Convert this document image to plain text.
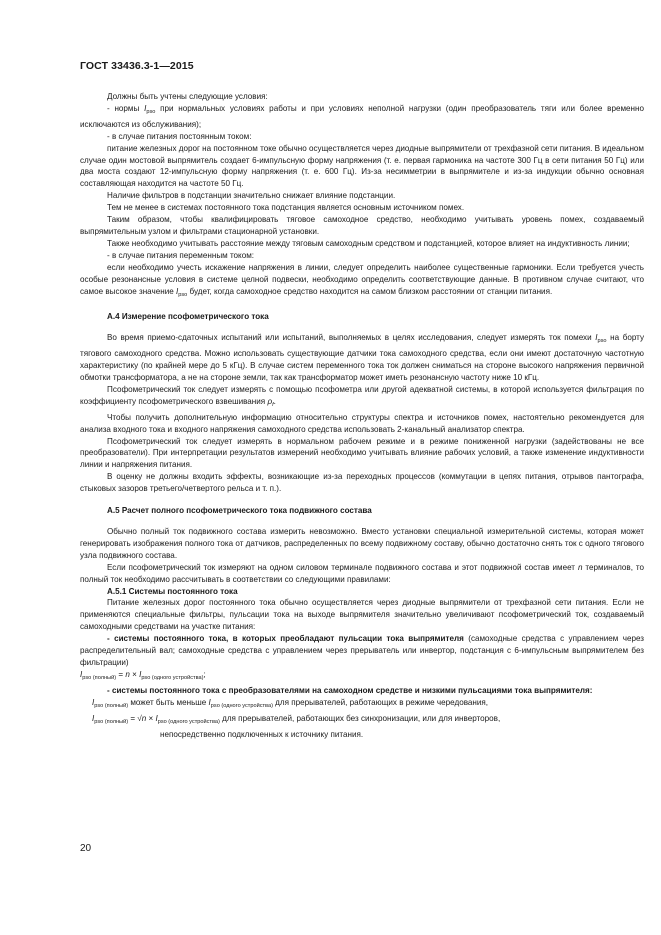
ГОСТ 33436.3-1—2015

Должны быть учтены следующие условия:

- нормы $I_{pso}$ при нормальных условиях работы и при условиях неполной нагрузки (один преобразователь тяги или более временно исключаются из обслуживания);

- в случае питания постоянным током:

питание железных дорог на постоянном токе обычно осуществляется через диодные выпрямители от трехфазной сети питания. В идеальном случае один мостовой выпрямитель создает 6-импульсную форму напряжения (т. е. первая гармоника на частоте 300 Гц в сети питания 50 Гц) или два моста создают 12-импульсную форму напряжения (т. е. 600 Гц). Из-за несимметрии в выпрямителе и из-за индукции обычно основная составляющая находится на частоте 50 Гц.

Наличие фильтров в подстанции значительно снижает влияние подстанции.

Тем не менее в системах постоянного тока подстанция является основным источником помех.

Таким образом, чтобы квалифицировать тяговое самоходное средство, необходимо учитывать уровень помех, создаваемый выпрямительным узлом и фильтрами стационарной установки.

Также необходимо учитывать расстояние между тяговым самоходным средством и подстанцией, которое влияет на индуктивность линии;

- в случае питания переменным током:

если необходимо учесть искажение напряжения в линии, следует определить наиболее существенные гармоники. Если требуется учесть особые резонансные условия в системе целной подвески, необходимо определить соответствующие данные. В противном случае считают, что самое высокое значение $I_{pso}$ будет, когда самоходное средство находится на самом близком расстоянии от станции питания.

А.4 Измерение псофометрического тока

Во время приемо-сдаточных испытаний или испытаний, выполняемых в целях исследования, следует измерять ток помехи $I_{pso}$ на борту тягового самоходного средства. Можно использовать существующие датчики тока самоходного средства, если они имеют достаточную частотную характеристику (по крайней мере до 5 кГц). В случае систем переменного тока ток должен сниматься на стороне высокого напряжения первичной обмотки трансформатора, а не на стороне земли, так как трансформатор может иметь резонансную частоту ниже 10 кГц.

Псофометрический ток следует измерять с помощью псофометра или другой адекватной системы, в которой используется фильтрация по коэффициенту псофометрического взвешивания $\rho_f$.

Чтобы получить дополнительную информацию относительно структуры спектра и источников помех, настоятельно рекомендуется для анализа входного тока и входного напряжения самоходного средства использовать 2-канальный анализатор спектра.

Псофометрический ток следует измерять в нормальном рабочем режиме и в режиме пониженной нагрузки (задействованы не все преобразователи). При интерпретации результатов измерений необходимо учитывать влияние рабочих условий, а также изменение индуктивности линии и напряжения питания.

В оценку не должны входить эффекты, возникающие из-за переходных процессов (коммутации в цепях питания, отрывов пантографа, стыковых зазоров третьего/четвертого рельса и т. п.).

А.5 Расчет полного псофометрического тока подвижного состава

Обычно полный ток подвижного состава измерить невозможно. Вместо установки специальной измерительной системы, которая может генерировать изображения полного тока от датчиков, распределенных по всему подвижному составу, обычно достаточно снять ток с одного тягового узла подвижного состава.

Если псофометрический ток измеряют на одном силовом терминале подвижного состава и этот подвижной состав имеет n терминалов, то полный ток необходимо рассчитывать в соответствии со следующими правилами:

А.5.1 Системы постоянного тока

Питание железных дорог постоянного тока обычно осуществляется через диодные выпрямители от трехфазной сети питания. Если не применяются специальные фильтры, пульсации тока на выходе выпрямителя значительно увеличивают псофометрический ток, создаваемый самоходными средствами на участке питания:

- системы постоянного тока, в которых преобладают пульсации тока выпрямителя (самоходные средства с управлением через распределительный вал; самоходные средства с управлением через прерыватель или инвертор, подстанция с 6-импульсным выпрямителем без фильтрации)

$I_{pso (полный)} = n \times I_{pso (одного устройства)}$;

- системы постоянного тока с преобразователями на самоходном средстве и низкими пульсациями тока выпрямителя:

$I_{pso (полный)}$ может быть меньше $I_{pso (одного устройства)}$ для прерывателей, работающих в режиме чередования,

$I_{pso (полный)} = √n \times I_{pso (одного устройства)}$ для прерывателей, работающих без синхронизации, или для инверторов,

непосредственно подключенных к источнику питания.

20
